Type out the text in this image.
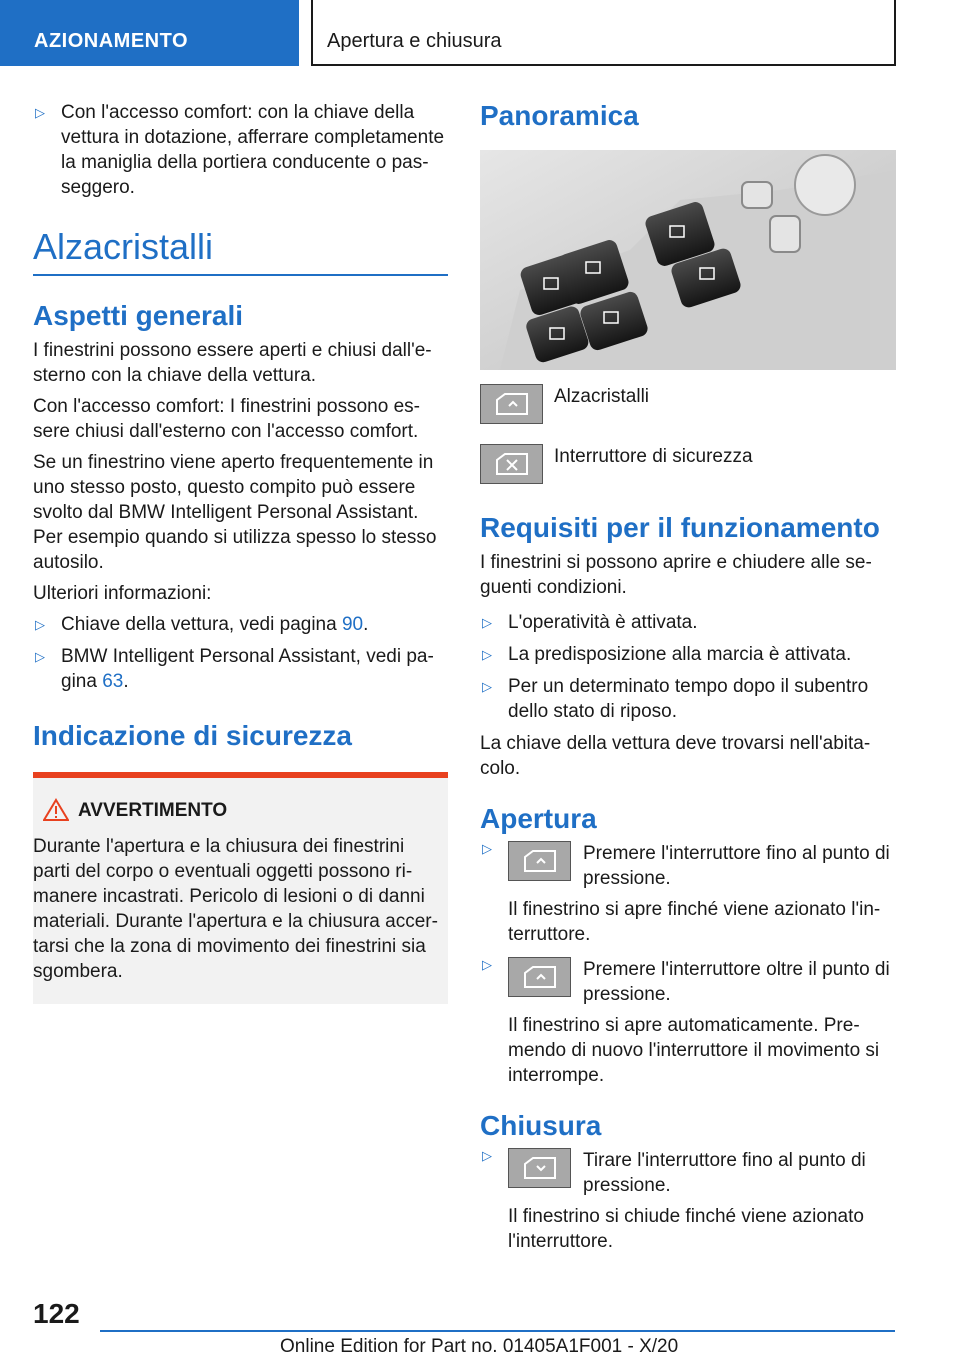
AZIONAMENTO	Apertura e chiusura
▷ Con l'accesso comfort: con la chiave della vettura in dotazione, afferrare completamente la maniglia della portiera conducente o pas-seggero.
Alzacristalli
Aspetti generali

I finestrini possono essere aperti e chiusi dall'e-sterno con la chiave della vettura.

Con l'accesso comfort: I finestrini possono es-sere chiusi dall'esterno con l'accesso comfort.

Se un finestrino viene aperto frequentemente in uno stesso posto, questo compito può essere svolto dal BMW Intelligent Personal Assistant. Per esempio quando si utilizza spesso lo stesso autosilo.

Ulteriori informazioni:

▷ Chiave della vettura, vedi pagina 90.
▷ BMW Intelligent Personal Assistant, vedi pa-gina 63.
Indicazione di sicurezza
AVVERTIMENTO

Durante l'apertura e la chiusura dei finestrini parti del corpo o eventuali oggetti possono ri-manere incastrati. Pericolo di lesioni o di danni materiali. Durante l'apertura e la chiusura accer-tarsi che la zona di movimento dei finestrini sia sgombera.

Panoramica
Alzacristalli
Interruttore di sicurezza
Requisiti per il funzionamento

I finestrini si possono aprire e chiudere alle se-guenti condizioni.

▷ L'operatività è attivata.
▷ La predisposizione alla marcia è attivata.
▷ Per un determinato tempo dopo il subentro dello stato di riposo.

La chiave della vettura deve trovarsi nell'abita-colo.

Apertura
▷	Premere l'interruttore fino al punto di pressione.
Il finestrino si apre finché viene azionato l'in-terruttore.
▷	Premere l'interruttore oltre il punto di pressione.
Il finestrino si apre automaticamente. Pre-mendo di nuovo l'interruttore il movimento si interrompe.
Chiusura
▷	Tirare l'interruttore fino al punto di pressione.
Il finestrino si chiude finché viene azionato l'interruttore.
122
Online Edition for Part no. 01405A1F001 - X/20
